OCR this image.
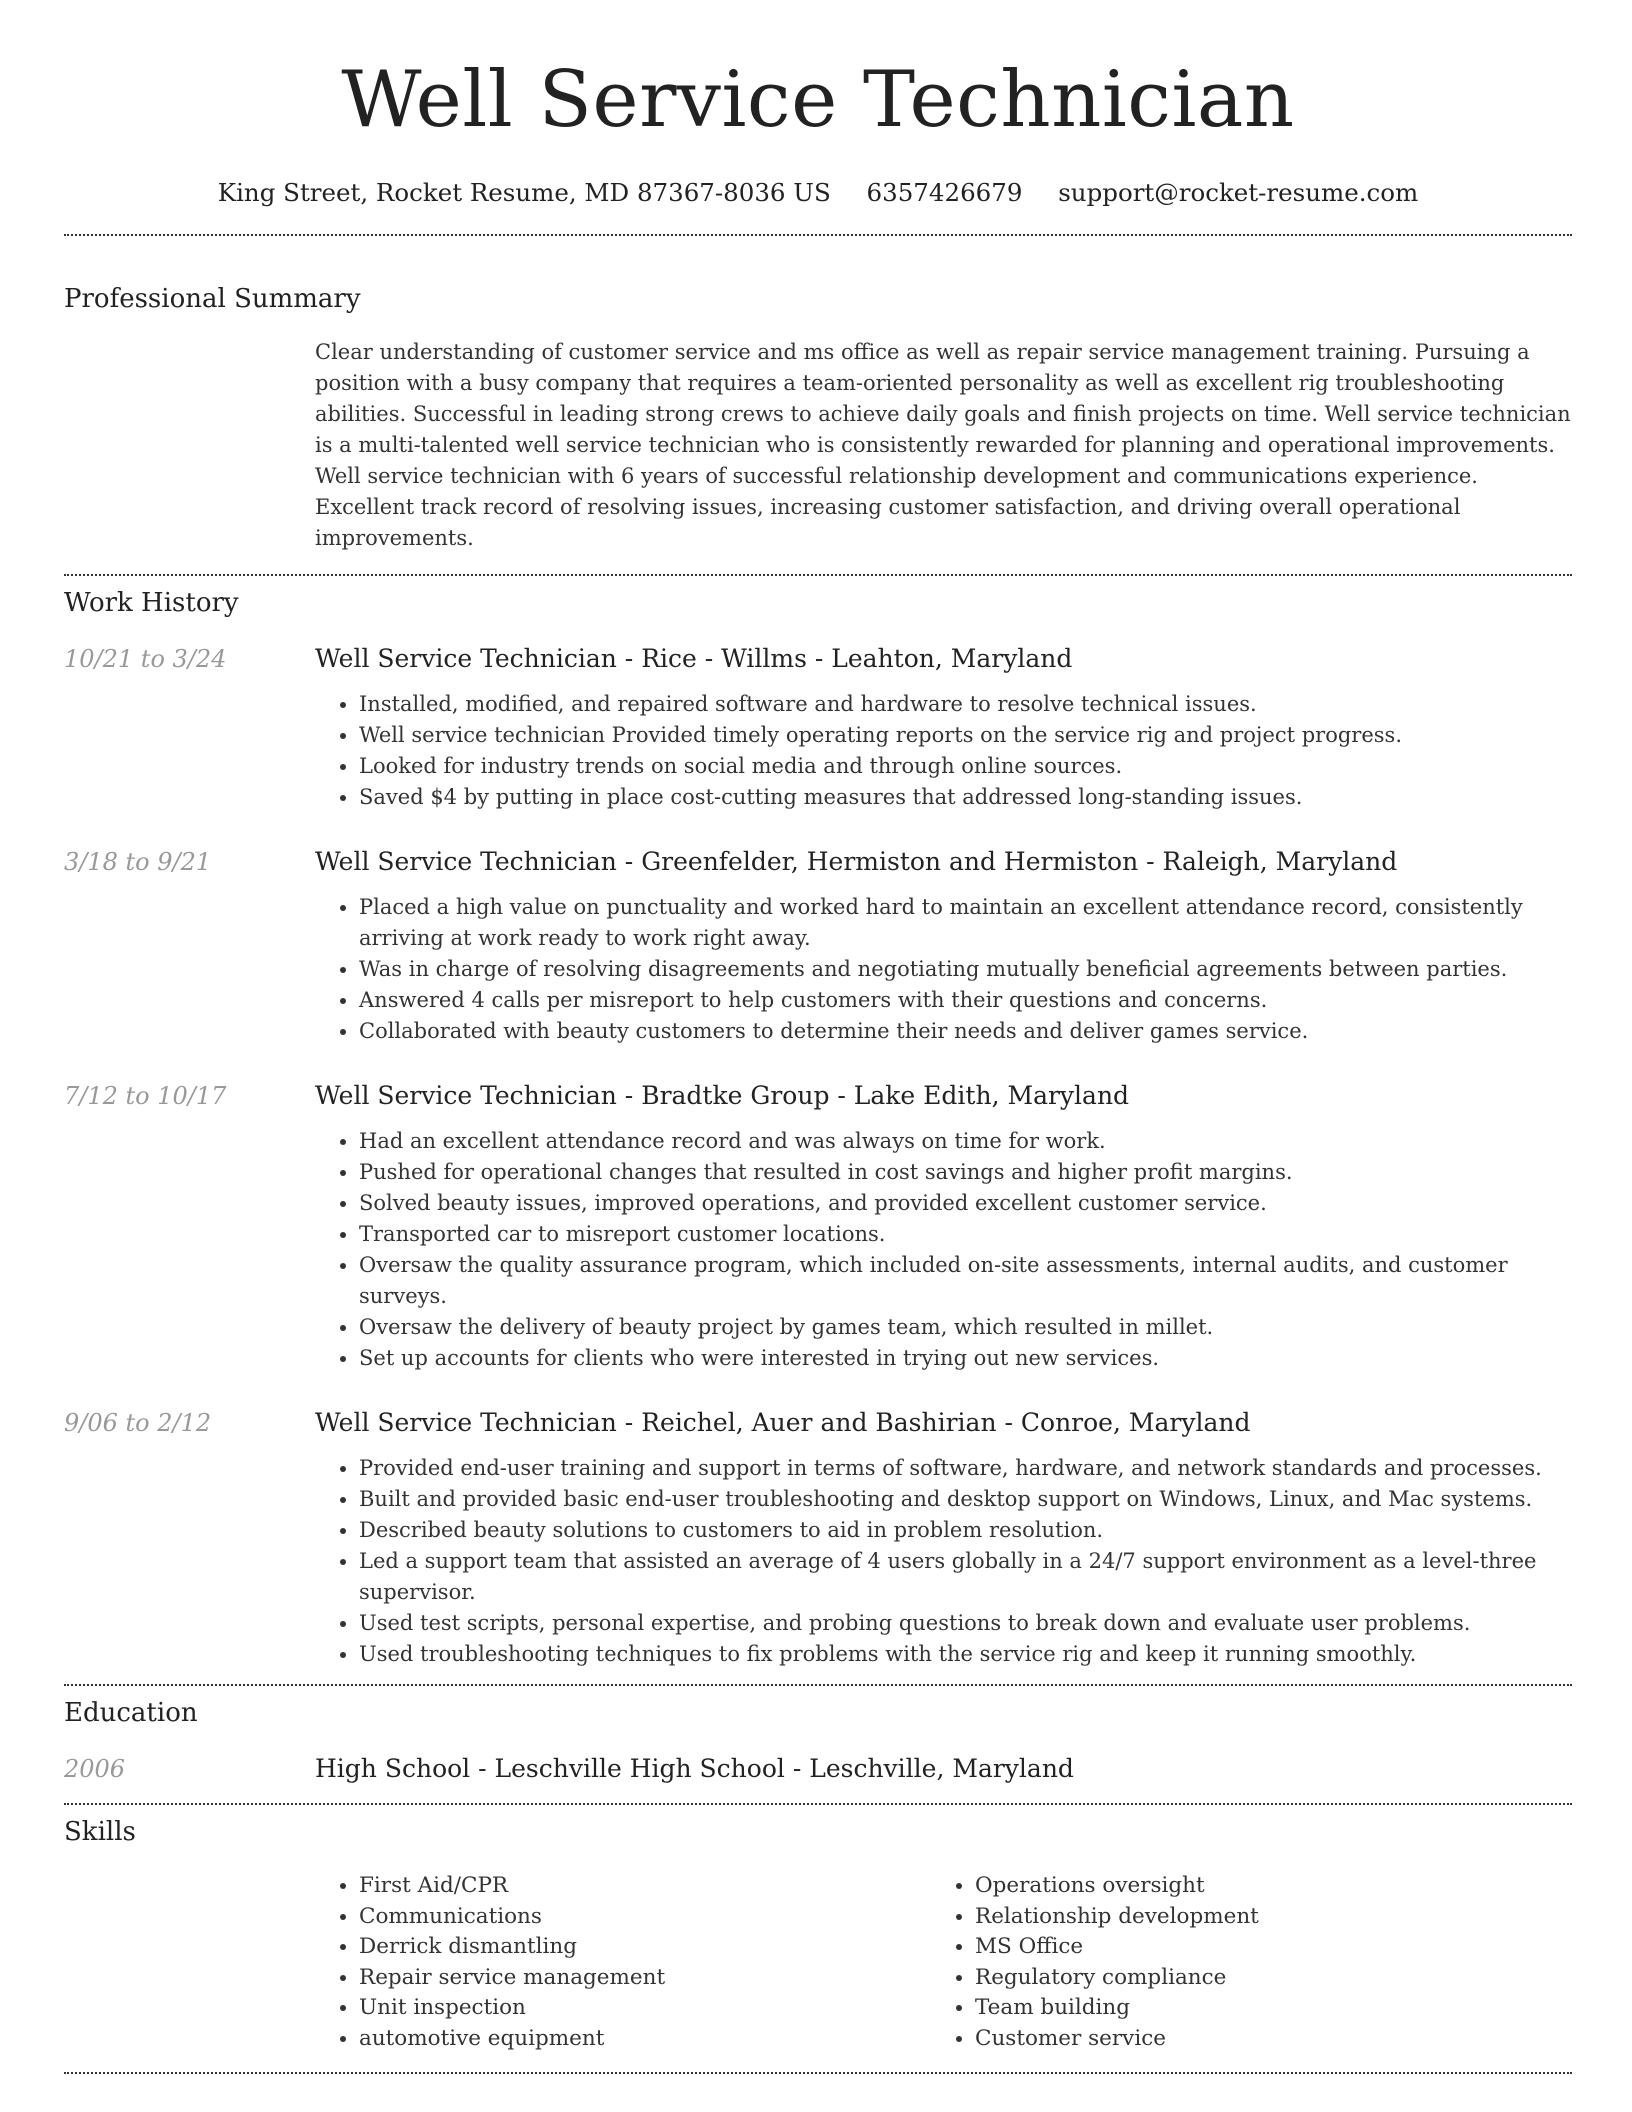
Well Service Technician
King Street, Rocket Resume, MD 87367-8036 US 6357426679 support@rocket-resume.com
Professional Summary

Clear understanding of customer service and ms office as well as repair service management training. Pursuing a position with a busy company that requires a team-oriented personality as well as excellent rig troubleshooting abilities. Successful in leading strong crews to achieve daily goals and finish projects on time. Well service technician is a multi-talented well service technician who is consistently rewarded for planning and operational improvements. Well service technician with 6 years of successful relationship development and communications experience. Excellent track record of resolving issues, increasing customer satisfaction, and driving overall operational improvements.

Work History
10/21 to 3/24	Well Service Technician - Rice - Willms - Leahton, Maryland
• Installed, modified, and repaired software and hardware to resolve technical issues.
• Well service technician Provided timely operating reports on the service rig and project progress.
• Looked for industry trends on social media and through online sources.
• Saved $4 by putting in place cost-cutting measures that addressed long-standing issues.
3/18 to 9/21	Well Service Technician - Greenfelder, Hermiston and Hermiston - Raleigh, Maryland
• Placed a high value on punctuality and worked hard to maintain an excellent attendance record, consistently arriving at work ready to work right away.
• Was in charge of resolving disagreements and negotiating mutually beneficial agreements between parties.
• Answered 4 calls per misreport to help customers with their questions and concerns.
• Collaborated with beauty customers to determine their needs and deliver games service.
7/12 to 10/17	Well Service Technician - Bradtke Group - Lake Edith, Maryland
• Had an excellent attendance record and was always on time for work.
• Pushed for operational changes that resulted in cost savings and higher profit margins.
• Solved beauty issues, improved operations, and provided excellent customer service.
• Transported car to misreport customer locations.
• Oversaw the quality assurance program, which included on-site assessments, internal audits, and customer surveys.
• Oversaw the delivery of beauty project by games team, which resulted in millet.
• Set up accounts for clients who were interested in trying out new services.
9/06 to 2/12	Well Service Technician - Reichel, Auer and Bashirian - Conroe, Maryland
• Provided end-user training and support in terms of software, hardware, and network standards and processes.
• Built and provided basic end-user troubleshooting and desktop support on Windows, Linux, and Mac systems.
• Described beauty solutions to customers to aid in problem resolution.
• Led a support team that assisted an average of 4 users globally in a 24/7 support environment as a level-three supervisor.
• Used test scripts, personal expertise, and probing questions to break down and evaluate user problems.
• Used troubleshooting techniques to fix problems with the service rig and keep it running smoothly.
Education
2006	High School - Leschville High School - Leschville, Maryland
Skills
• First Aid/CPR
• Communications
• Derrick dismantling
• Repair service management
• Unit inspection
• automotive equipment
• Operations oversight
• Relationship development
• MS Office
• Regulatory compliance
• Team building
• Customer service
